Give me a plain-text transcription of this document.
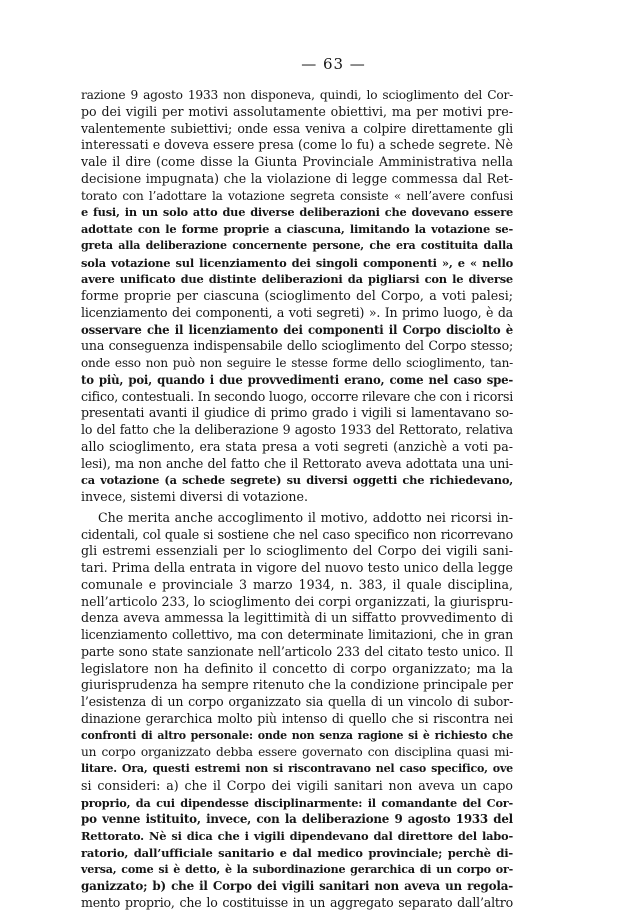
— 63 —
razione 9 agosto 1933 non disponeva, quindi, lo scioglimento del Cor-
po dei vigili per motivi assolutamente obiettivi, ma per motivi pre-
valentemente subiettivi; onde essa veniva a colpire direttamente gli
interessati e doveva essere presa (come lo fu) a schede segrete. Nè
vale il dire (come disse la Giunta Provinciale Amministrativa nella
decisione impugnata) che la violazione di legge commessa dal Ret-
torato con l’adottare la votazione segreta consiste « nell’avere confusi
e fusi, in un solo atto due diverse deliberazioni che dovevano essere
adottate con le forme proprie a ciascuna, limitando la votazione se-
greta alla deliberazione concernente persone, che era costituita dalla
sola votazione sul licenziamento dei singoli componenti », e « nello
avere unificato due distinte deliberazioni da pigliarsi con le diverse
forme proprie per ciascuna (scioglimento del Corpo, a voti palesi;
licenziamento dei componenti, a voti segreti) ». In primo luogo, è da
osservare che il licenziamento dei componenti il Corpo disciolto è
una conseguenza indispensabile dello scioglimento del Corpo stesso;
onde esso non può non seguire le stesse forme dello scioglimento, tan-
to più, poi, quando i due provvedimenti erano, come nel caso spe-
cifico, contestuali. In secondo luogo, occorre rilevare che con i ricorsi
presentati avanti il giudice di primo grado i vigili si lamentavano so-
lo del fatto che la deliberazione 9 agosto 1933 del Rettorato, relativa
allo scioglimento, era stata presa a voti segreti (anzichè a voti pa-
lesi), ma non anche del fatto che il Rettorato aveva adottata una uni-
ca votazione (a schede segrete) su diversi oggetti che richiedevano,
invece, sistemi diversi di votazione.
Che merita anche accoglimento il motivo, addotto nei ricorsi in-
cidentali, col quale si sostiene che nel caso specifico non ricorrevano
gli estremi essenziali per lo scioglimento del Corpo dei vigili sani-
tari. Prima della entrata in vigore del nuovo testo unico della legge
comunale e provinciale 3 marzo 1934, n. 383, il quale disciplina,
nell’articolo 233, lo scioglimento dei corpi organizzati, la giurispru-
denza aveva ammessa la legittimità di un siffatto provvedimento di
licenziamento collettivo, ma con determinate limitazioni, che in gran
parte sono state sanzionate nell’articolo 233 del citato testo unico. Il
legislatore non ha definito il concetto di corpo organizzato; ma la
giurisprudenza ha sempre ritenuto che la condizione principale per
l’esistenza di un corpo organizzato sia quella di un vincolo di subor-
dinazione gerarchica molto più intenso di quello che si riscontra nei
confronti di altro personale: onde non senza ragione si è richiesto che
un corpo organizzato debba essere governato con disciplina quasi mi-
litare. Ora, questi estremi non si riscontravano nel caso specifico, ove
si consideri: a) che il Corpo dei vigili sanitari non aveva un capo
proprio, da cui dipendesse disciplinarmente: il comandante del Cor-
po venne istituito, invece, con la deliberazione 9 agosto 1933 del
Rettorato. Nè si dica che i vigili dipendevano dal direttore del labo-
ratorio, dall’ufficiale sanitario e dal medico provinciale; perchè di-
versa, come si è detto, è la subordinazione gerarchica di un corpo or-
ganizzato; b) che il Corpo dei vigili sanitari non aveva un regola-
mento proprio, che lo costituisse in un aggregato separato dall’altro
